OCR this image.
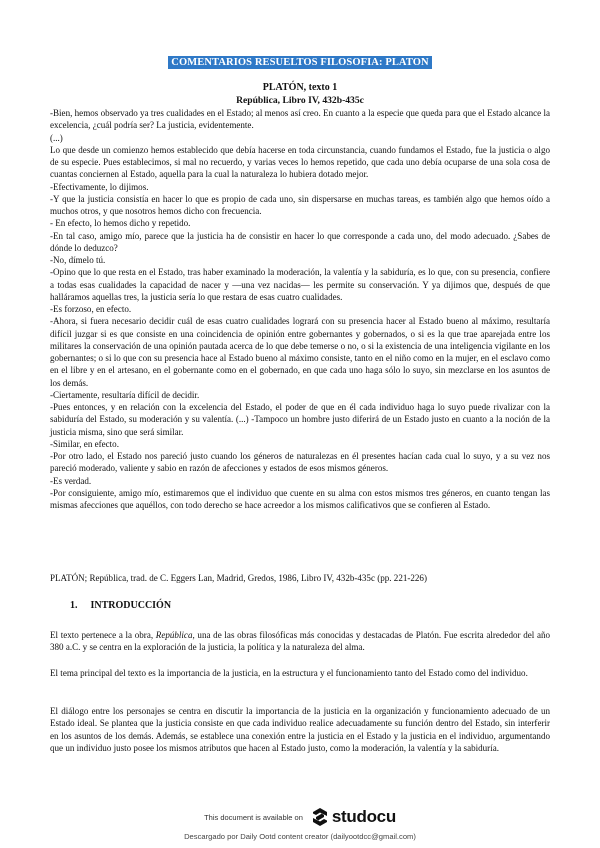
COMENTARIOS RESUELTOS FILOSOFIA: PLATON
PLATÓN, texto 1
República, Libro IV, 432b-435c

-Bien, hemos observado ya tres cualidades en el Estado; al menos así creo. En cuanto a la especie que queda para que el Estado alcance la excelencia, ¿cuál podría ser? La justicia, evidentemente.

(...)

Lo que desde un comienzo hemos establecido que debía hacerse en toda circunstancia, cuando fundamos el Estado, fue la justicia o algo de su especie. Pues establecimos, si mal no recuerdo, y varias veces lo hemos repetido, que cada uno debía ocuparse de una sola cosa de cuantas conciernen al Estado, aquella para la cual la naturaleza lo hubiera dotado mejor.

-Efectivamente, lo dijimos.

-Y que la justicia consistía en hacer lo que es propio de cada uno, sin dispersarse en muchas tareas, es también algo que hemos oído a muchos otros, y que nosotros hemos dicho con frecuencia.

- En efecto, lo hemos dicho y repetido.

-En tal caso, amigo mío, parece que la justicia ha de consistir en hacer lo que corresponde a cada uno, del modo adecuado. ¿Sabes de dónde lo deduzco?

-No, dímelo tú.

-Opino que lo que resta en el Estado, tras haber examinado la moderación, la valentía y la sabiduría, es lo que, con su presencia, confiere a todas esas cualidades la capacidad de nacer y —una vez nacidas— les permite su conservación. Y ya dijimos que, después de que halláramos aquellas tres, la justicia sería lo que restara de esas cuatro cualidades.

-Es forzoso, en efecto.

-Ahora, si fuera necesario decidir cuál de esas cuatro cualidades logrará con su presencia hacer al Estado bueno al máximo, resultaría difícil juzgar si es que consiste en una coincidencia de opinión entre gobernantes y gobernados, o si es la que trae aparejada entre los militares la conservación de una opinión pautada acerca de lo que debe temerse o no, o si la existencia de una inteligencia vigilante en los gobernantes; o si lo que con su presencia hace al Estado bueno al máximo consiste, tanto en el niño como en la mujer, en el esclavo como en el libre y en el artesano, en el gobernante como en el gobernado, en que cada uno haga sólo lo suyo, sin mezclarse en los asuntos de los demás.

-Ciertamente, resultaría difícil de decidir.

-Pues entonces, y en relación con la excelencia del Estado, el poder de que en él cada individuo haga lo suyo puede rivalizar con la sabiduría del Estado, su moderación y su valentía. (...) -Tampoco un hombre justo diferirá de un Estado justo en cuanto a la noción de la justicia misma, sino que será similar.

-Similar, en efecto.

-Por otro lado, el Estado nos pareció justo cuando los géneros de naturalezas en él presentes hacían cada cual lo suyo, y a su vez nos pareció moderado, valiente y sabio en razón de afecciones y estados de esos mismos géneros.

-Es verdad.

-Por consiguiente, amigo mío, estimaremos que el individuo que cuente en su alma con estos mismos tres géneros, en cuanto tengan las mismas afecciones que aquéllos, con todo derecho se hace acreedor a los mismos calificativos que se confieren al Estado.

PLATÓN; República, trad. de C. Eggers Lan, Madrid, Gredos, 1986, Libro IV, 432b-435c (pp. 221-226)
1. INTRODUCCIÓN

El texto pertenece a la obra, República, una de las obras filosóficas más conocidas y destacadas de Platón. Fue escrita alrededor del año 380 a.C. y se centra en la exploración de la justicia, la política y la naturaleza del alma.

El tema principal del texto es la importancia de la justicia, en la estructura y el funcionamiento tanto del Estado como del individuo.

El diálogo entre los personajes se centra en discutir la importancia de la justicia en la organización y funcionamiento adecuado de un Estado ideal. Se plantea que la justicia consiste en que cada individuo realice adecuadamente su función dentro del Estado, sin interferir en los asuntos de los demás. Además, se establece una conexión entre la justicia en el Estado y la justicia en el individuo, argumentando que un individuo justo posee los mismos atributos que hacen al Estado justo, como la moderación, la valentía y la sabiduría.

This document is available on studocu
Descargado por Daily Ootd content creator (dailyootdcc@gmail.com)
